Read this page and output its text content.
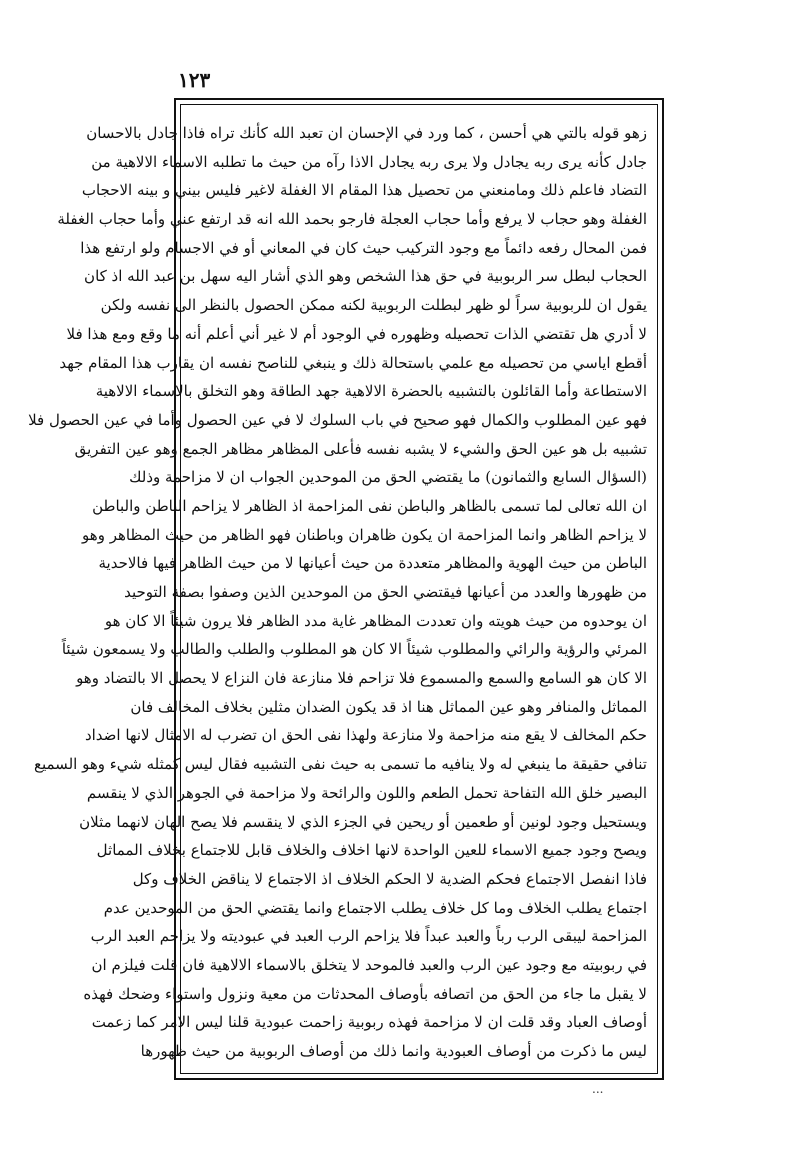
١٢٣
زهو قوله بالتي هي أحسن ، كما ورد في الإحسان ان تعبد الله كأنك تراه فاذا جادل بالاحسان
جادل كأنه يرى ربه يجادل ولا يرى ربه يجادل الاذا رآه من حيث ما تطلبه الاسماء الالاهية من
التضاد فاعلم ذلك ومامنعني من تحصيل هذا المقام الا الغفلة لاغير فليس بيني و بينه الاحجاب
الغفلة وهو حجاب لا يرفع وأما حجاب العجلة فارجو بحمد الله انه قد ارتفع عني وأما حجاب الغفلة
فمن المحال رفعه دائماً مع وجود التركيب حيث كان في المعاني أو في الاجسام ولو ارتفع هذا
الحجاب لبطل سر الربوبية في حق هذا الشخص وهو الذي أشار اليه سهل بن عبد الله اذ كان
يقول ان للربوبية سراً لو ظهر لبطلت الربوبية لكنه ممكن الحصول بالنظر الى نفسه ولكن
لا أدري هل تقتضي الذات تحصيله وظهوره في الوجود أم لا غير أني أعلم أنه ما وقع ومع هذا فلا
أقطع اياسي من تحصيله مع علمي باستحالة ذلك و ينبغي للناصح نفسه ان يقارب هذا المقام جهد
الاستطاعة وأما القائلون بالتشبيه بالحضرة الالاهية جهد الطاقة وهو التخلق بالاسماء الالاهية
فهو عين المطلوب والكمال فهو صحيح في باب السلوك لا في عين الحصول وأما في عين الحصول فلا
تشبيه بل هو عين الحق والشيء لا يشبه نفسه فأعلى المظاهر مظاهر الجمع وهو عين التفريق
(السؤال السابع والثمانون) ما يقتضي الحق من الموحدين الجواب ان لا مزاحمة وذلك
ان الله تعالى لما تسمى بالظاهر والباطن نفى المزاحمة اذ الظاهر لا يزاحم الباطن والباطن
لا يزاحم الظاهر وانما المزاحمة ان يكون ظاهران وباطنان فهو الظاهر من حيث المظاهر وهو
الباطن من حيث الهوية والمظاهر متعددة من حيث أعيانها لا من حيث الظاهر فيها فالاحدية
من ظهورها والعدد من أعيانها فيقتضي الحق من الموحدين الذين وصفوا بصفة التوحيد
ان يوحدوه من حيث هويته وان تعددت المظاهر غاية مدد الظاهر فلا يرون شيئاً الا كان هو
المرئي والرؤية والرائي والمطلوب شيئاً الا كان هو المطلوب والطلب والطالب ولا يسمعون شيئاً
الا كان هو السامع والسمع والمسموع فلا تزاحم فلا منازعة فان النزاع لا يحصل الا بالتضاد وهو
المماثل والمنافر وهو عين المماثل هنا اذ قد يكون الضدان مثلين بخلاف المخالف فان
حكم المخالف لا يقع منه مزاحمة ولا منازعة ولهذا نفى الحق ان تضرب له الامثال لانها اضداد
تنافي حقيقة ما ينبغي له ولا ينافيه ما تسمى به حيث نفى التشبيه فقال ليس كمثله شيء وهو السميع
البصير خلق الله التفاحة تحمل الطعم واللون والرائحة ولا مزاحمة في الجوهر الذي لا ينقسم
ويستحيل وجود لونين أو طعمين أو ريحين في الجزء الذي لا ينقسم فلا يصح الهان لانهما مثلان
ويصح وجود جميع الاسماء للعين الواحدة لانها اخلاف والخلاف قابل للاجتماع بخلاف المماثل
فاذا انفصل الاجتماع فحكم الضدية لا الحكم الخلاف اذ الاجتماع لا يناقض الخلاف وكل
اجتماع يطلب الخلاف وما كل خلاف يطلب الاجتماع وانما يقتضي الحق من الموحدين عدم
المزاحمة ليبقى الرب رباً والعبد عبداً فلا يزاحم الرب العبد في عبوديته ولا يزاحم العبد الرب
في ربوبيته مع وجود عين الرب والعبد فالموحد لا يتخلق بالاسماء الالاهية فان قلت فيلزم ان
لا يقبل ما جاء من الحق من اتصافه بأوصاف المحدثات من معية ونزول واستواء وضحك فهذه
أوصاف العباد وقد قلت ان لا مزاحمة فهذه ربوبية زاحمت عبودية قلنا ليس الامر كما زعمت
ليس ما ذكرت من أوصاف العبودية وانما ذلك من أوصاف الربوبية من حيث ظهورها
...
